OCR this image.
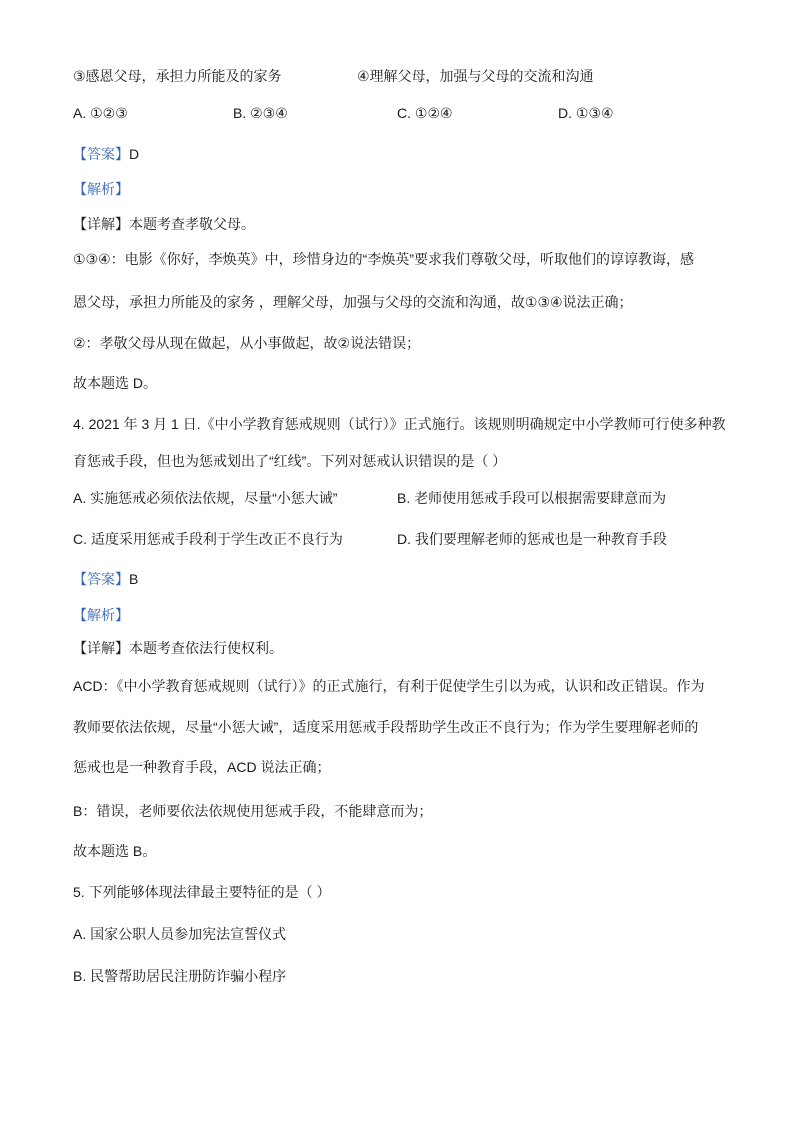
③感恩父母，承担力所能及的家务	④理解父母，加强与父母的交流和沟通
A. ①②③	B. ②③④	C. ①②④	D. ①③④
【答案】D
【解析】
【详解】本题考查孝敬父母。
①③④：电影《你好，李焕英》中，珍惜身边的“李焕英”要求我们尊敬父母，听取他们的谆谆教诲，感
恩父母，承担力所能及的家务 ，理解父母，加强与父母的交流和沟通，故①③④说法正确；
②：孝敬父母从现在做起，从小事做起，故②说法错误；
故本题选 D。
4. 2021 年 3 月 1 日.《中小学教育惩戒规则（试行）》正式施行。该规则明确规定中小学教师可行使多种教
育惩戒手段，但也为惩戒划出了“红线”。下列对惩戒认识错误的是（ ）
A. 实施惩戒必须依法依规，尽量“小惩大诫”	B. 老师使用惩戒手段可以根据需要肆意而为
C. 适度采用惩戒手段利于学生改正不良行为	D. 我们要理解老师的惩戒也是一种教育手段
【答案】B
【解析】
【详解】本题考查依法行使权利。
ACD：《中小学教育惩戒规则（试行）》的正式施行，有利于促使学生引以为戒，认识和改正错误。作为
教师要依法依规，尽量“小惩大诫”，适度采用惩戒手段帮助学生改正不良行为；作为学生要理解老师的
惩戒也是一种教育手段，ACD 说法正确；
B：错误，老师要依法依规使用惩戒手段，不能肆意而为；
故本题选 B。
5. 下列能够体现法律最主要特征的是（ ）
A. 国家公职人员参加宪法宣誓仪式
B. 民警帮助居民注册防诈骗小程序
